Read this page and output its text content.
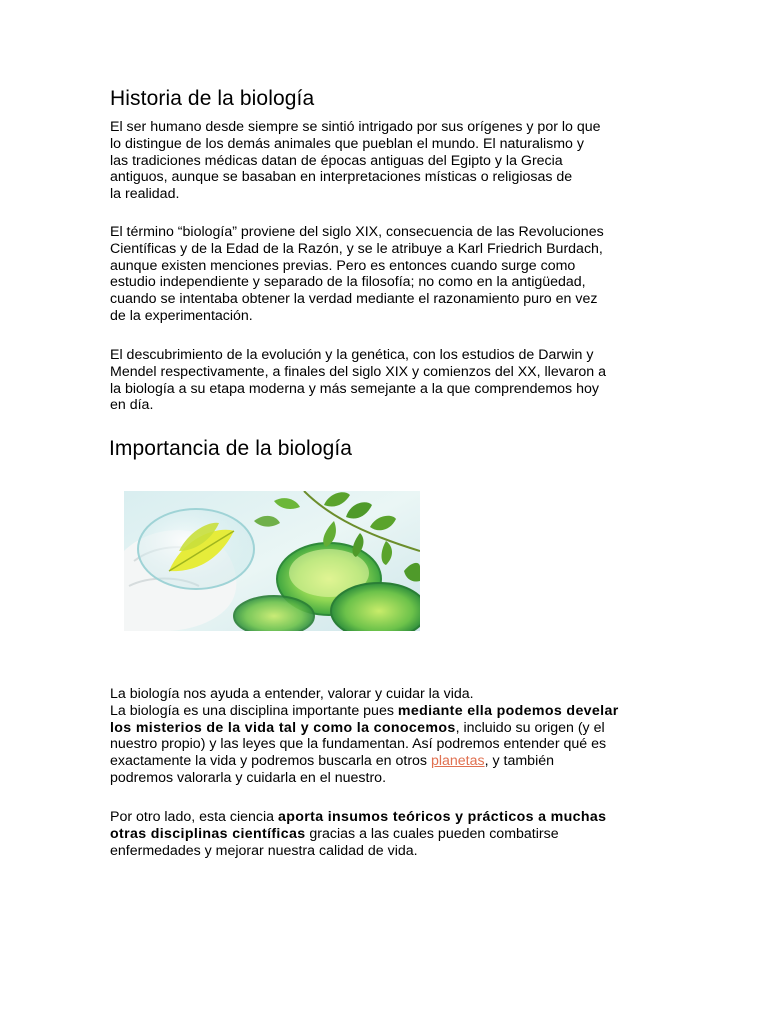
Historia de la biología

El ser humano desde siempre se sintió intrigado por sus orígenes y por lo que
lo distingue de los demás animales que pueblan el mundo. El naturalismo y
las tradiciones médicas datan de épocas antiguas del Egipto y la Grecia
antiguos, aunque se basaban en interpretaciones místicas o religiosas de
la realidad.

El término “biología” proviene del siglo XIX, consecuencia de las Revoluciones
Científicas y de la Edad de la Razón, y se le atribuye a Karl Friedrich Burdach,
aunque existen menciones previas. Pero es entonces cuando surge como
estudio independiente y separado de la filosofía; no como en la antigüedad,
cuando se intentaba obtener la verdad mediante el razonamiento puro en vez
de la experimentación.

El descubrimiento de la evolución y la genética, con los estudios de Darwin y
Mendel respectivamente, a finales del siglo XIX y comienzos del XX, llevaron a
la biología a su etapa moderna y más semejante a la que comprendemos hoy
en día.

Importancia de la biología

La biología nos ayuda a entender, valorar y cuidar la vida.
La biología es una disciplina importante pues mediante ella podemos develar
los misterios de la vida tal y como la conocemos, incluido su origen (y el
nuestro propio) y las leyes que la fundamentan. Así podremos entender qué es
exactamente la vida y podremos buscarla en otros planetas, y también
podremos valorarla y cuidarla en el nuestro.

Por otro lado, esta ciencia aporta insumos teóricos y prácticos a muchas
otras disciplinas científicas gracias a las cuales pueden combatirse
enfermedades y mejorar nuestra calidad de vida.
